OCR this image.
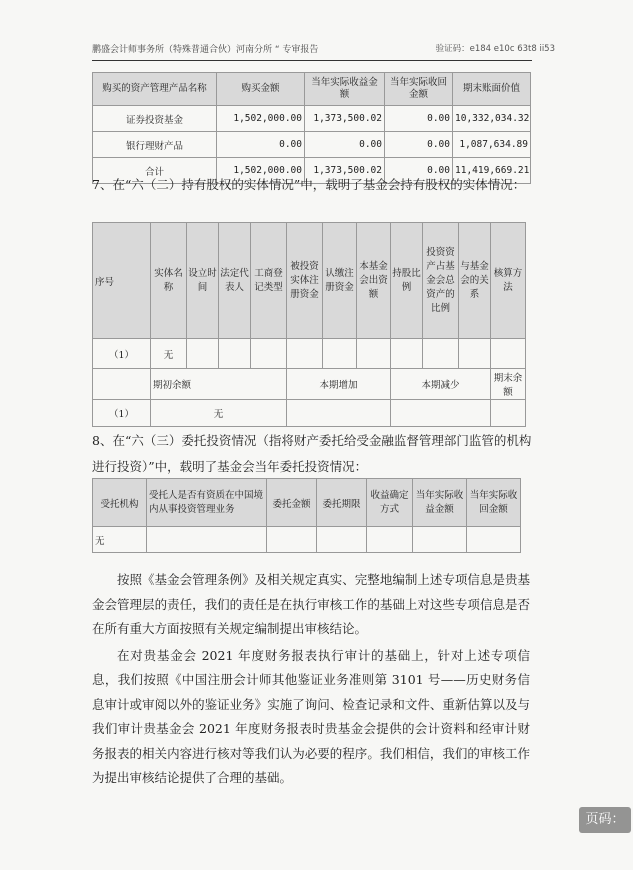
鹏盛会计师事务所（特殊普通合伙）河南分所 “ 专审报告	验证码：e184 e10c 63t8 ii53
购买的资产管理产品名称	购买金额	当年实际收益金额	当年实际收回金额	期末账面价值
证券投资基金	1,502,000.00	1,373,500.02	0.00	10,332,034.32
银行理财产品	0.00	0.00	0.00	1,087,634.89
合计	1,502,000.00	1,373,500.02	0.00	11,419,669.21
7、在“六（二）持有股权的实体情况”中，载明了基金会持有股权的实体情况：
序号	实体名称	设立时间	法定代表人	工商登记类型	被投资实体注册资金	认缴注册资金	本基金会出资额	持股比例	投资资产占基金会总资产的比例	与基金会的关系	核算方法
（1）	无										
	期初余额				本期增加			本期减少			期末余额
（1）	无										
8、在“六（三）委托投资情况（指将财产委托给受金融监督管理部门监管的机构进行投资）”中，载明了基金会当年委托投资情况：
受托机构	受托人是否有资质在中国境内从事投资管理业务	委托金额	委托期限	收益确定方式	当年实际收益金额	当年实际收回金额
无						

按照《基金会管理条例》及相关规定真实、完整地编制上述专项信息是贵基金会管理层的责任，我们的责任是在执行审核工作的基础上对这些专项信息是否在所有重大方面按照有关规定编制提出审核结论。

在对贵基金会 2021 年度财务报表执行审计的基础上，针对上述专项信息，我们按照《中国注册会计师其他鉴证业务准则第 3101 号——历史财务信息审计或审阅以外的鉴证业务》实施了询问、检查记录和文件、重新估算以及与我们审计贵基金会 2021 年度财务报表时贵基金会提供的会计资料和经审计财务报表的相关内容进行核对等我们认为必要的程序。我们相信，我们的审核工作为提出审核结论提供了合理的基础。

页码：
